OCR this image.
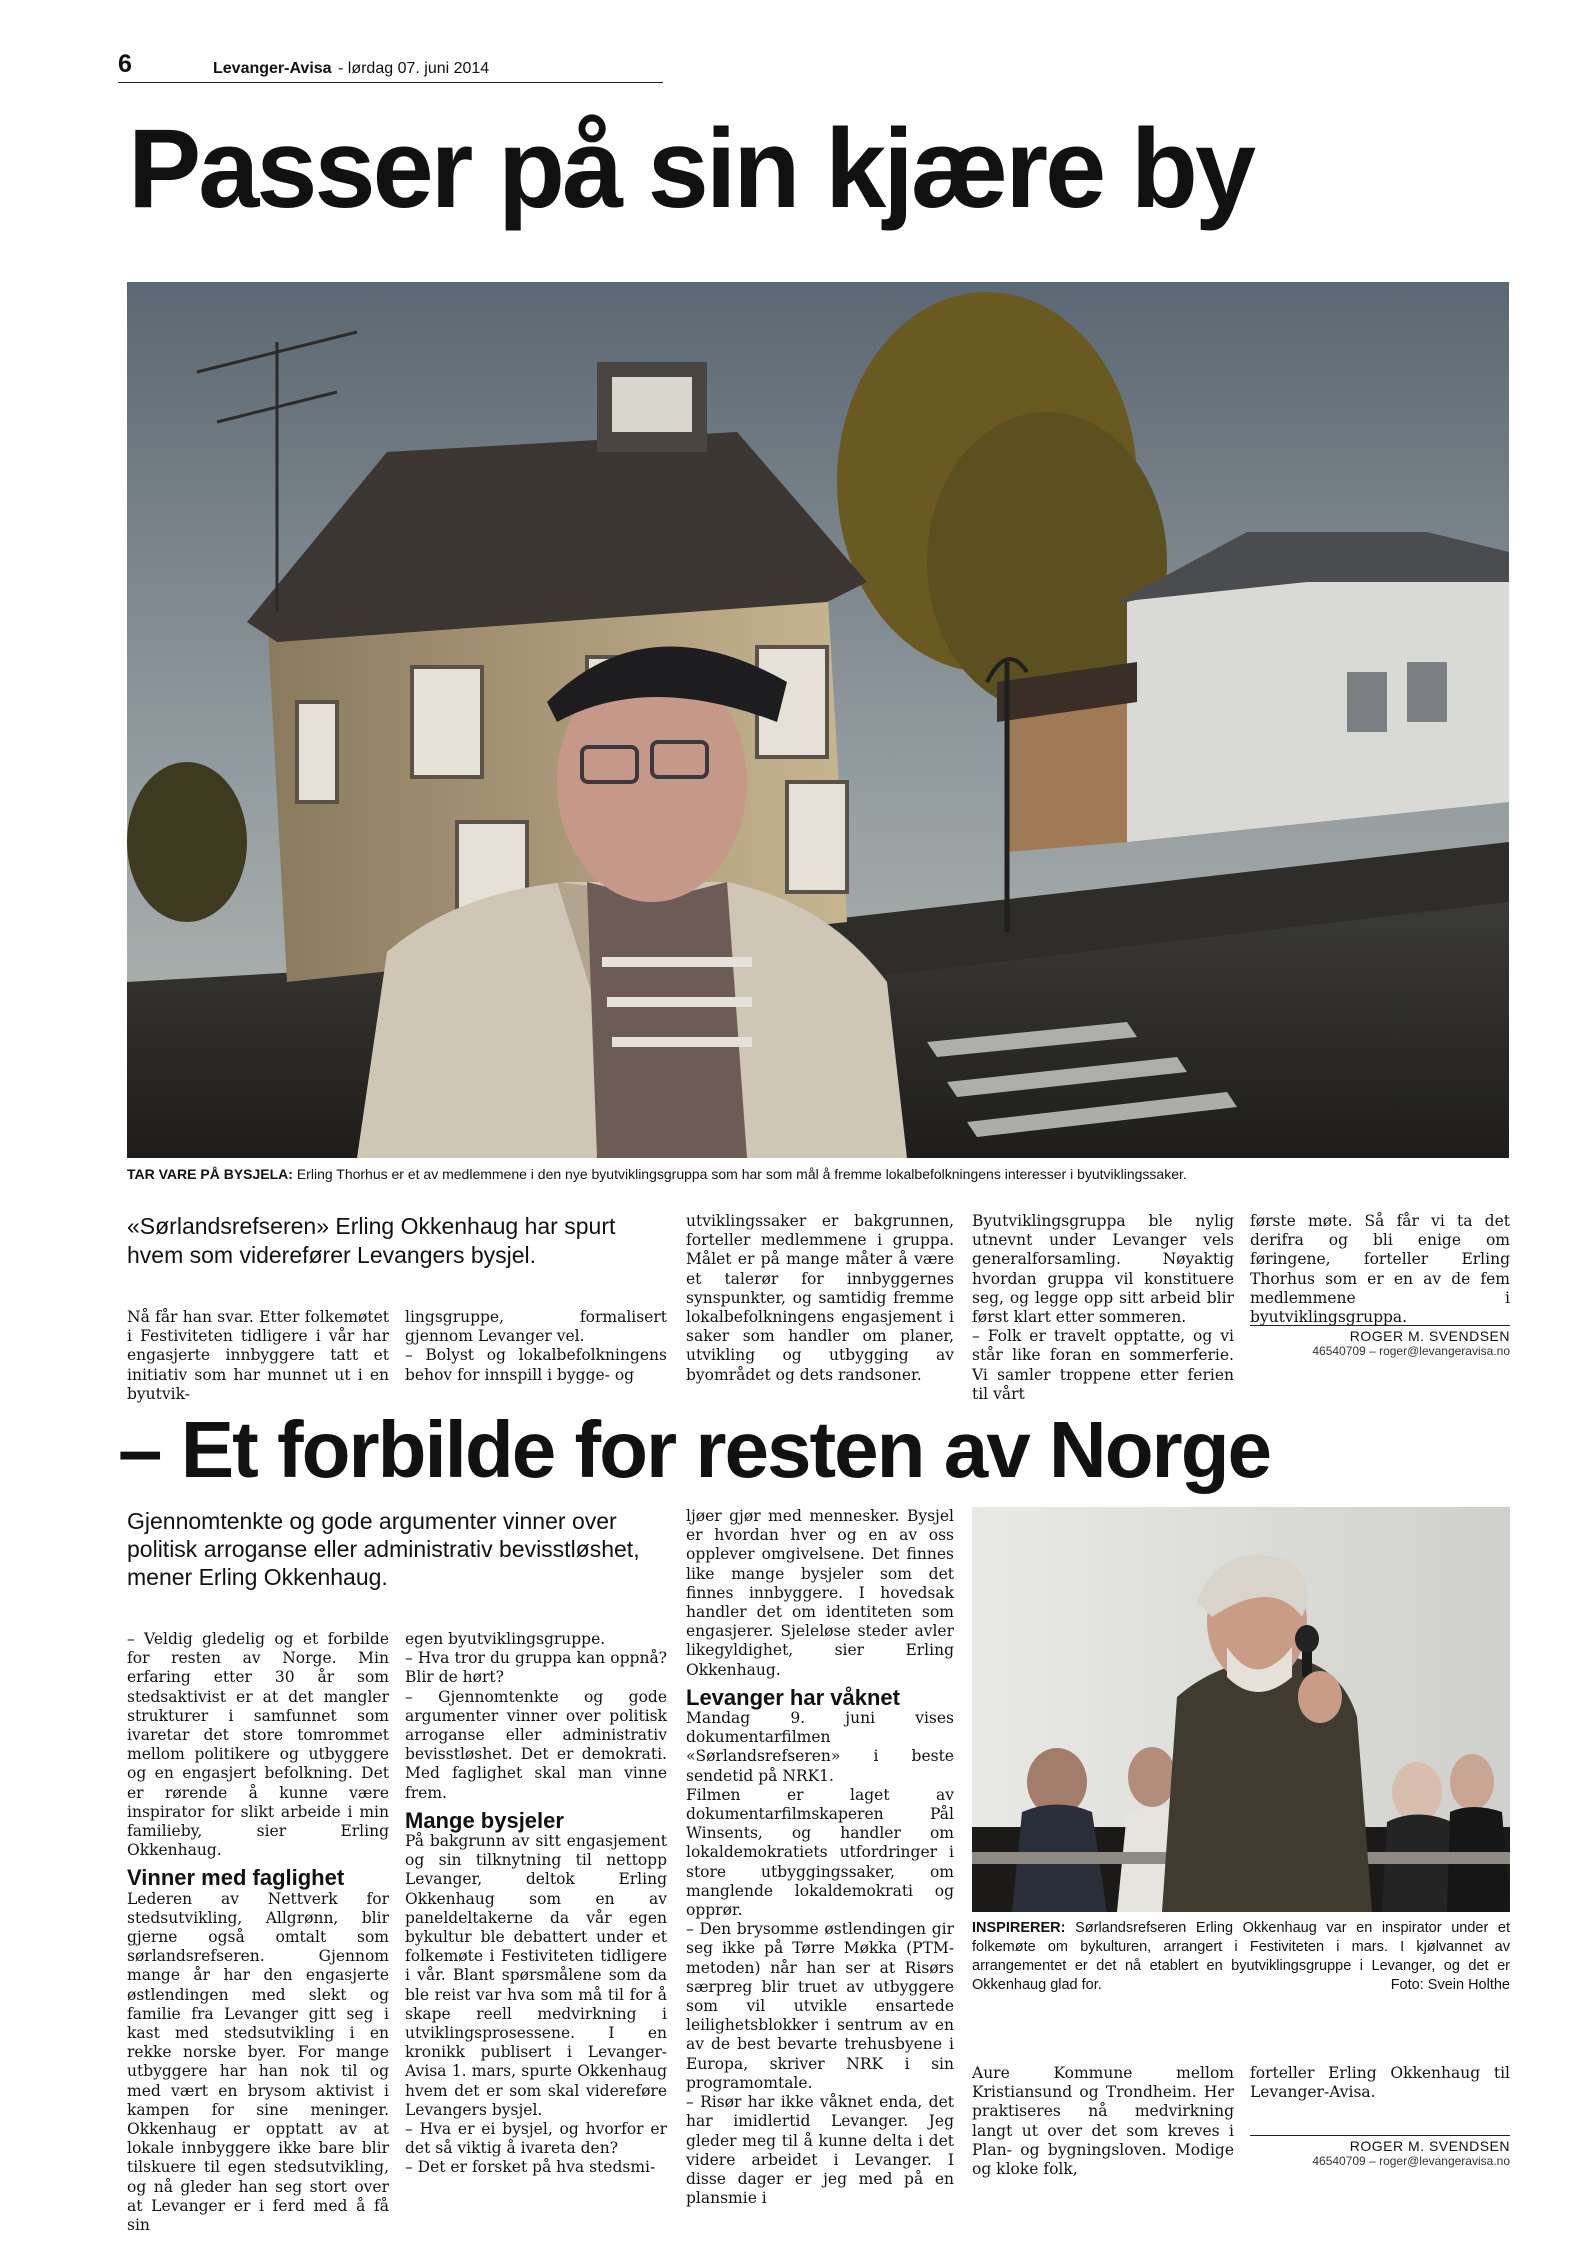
6	Levanger-Avisa - lørdag 07. juni 2014
Passer på sin kjære by
TAR VARE PÅ BYSJELA: Erling Thorhus er et av medlemmene i den nye byutviklingsgruppa som har som mål å fremme lokalbefolkningens interesser i byutviklingssaker.
«Sørlandsrefseren» Erling Okkenhaug har spurt hvem som viderefører Levangers bysjel.

Nå får han svar. Etter folkemøtet i Festiviteten tidligere i vår har engasjerte innbyggere tatt et initiativ som har munnet ut i en byutvik-

lingsgruppe, formalisert gjennom Levanger vel.

– Bolyst og lokalbefolkningens behov for innspill i bygge- og

utviklingssaker er bakgrunnen, forteller medlemmene i gruppa. Målet er på mange måter å være et talerør for innbyggernes synspunkter, og samtidig fremme lokalbefolkningens engasjement i saker som handler om planer, utvikling og utbygging av byområdet og dets randsoner.

Byutviklingsgruppa ble nylig utnevnt under Levanger vels generalforsamling. Nøyaktig hvordan gruppa vil konstituere seg, og legge opp sitt arbeid blir først klart etter sommeren.

– Folk er travelt opptatte, og vi står like foran en sommerferie. Vi samler troppene etter ferien til vårt

første møte. Så får vi ta det derifra og bli enige om føringene, forteller Erling Thorhus som er en av de fem medlemmene i byutviklingsgruppa.

ROGER M. SVENDSEN
46540709 – roger@levangeravisa.no
– Et forbilde for resten av Norge
Gjennomtenkte og gode argumenter vinner over politisk arroganse eller administrativ bevisstløshet, mener Erling Okkenhaug.

– Veldig gledelig og et forbilde for resten av Norge. Min erfaring etter 30 år som stedsaktivist er at det mangler strukturer i samfunnet som ivaretar det store tomrommet mellom politikere og utbyggere og en engasjert befolkning. Det er rørende å kunne være inspirator for slikt arbeide i min familieby, sier Erling Okkenhaug.

Vinner med faglighet

Lederen av Nettverk for stedsutvikling, Allgrønn, blir gjerne også omtalt som sørlandsrefseren. Gjennom mange år har den engasjerte østlendingen med slekt og familie fra Levanger gitt seg i kast med stedsutvikling i en rekke norske byer. For mange utbyggere har han nok til og med vært en brysom aktivist i kampen for sine meninger. Okkenhaug er opptatt av at lokale innbyggere ikke bare blir tilskuere til egen stedsutvikling, og nå gleder han seg stort over at Levanger er i ferd med å få sin

egen byutviklingsgruppe.

– Hva tror du gruppa kan oppnå? Blir de hørt?

– Gjennomtenkte og gode argumenter vinner over politisk arroganse eller administrativ bevisstløshet. Det er demokrati. Med faglighet skal man vinne frem.

Mange bysjeler

På bakgrunn av sitt engasjement og sin tilknytning til nettopp Levanger, deltok Erling Okkenhaug som en av paneldeltakerne da vår egen bykultur ble debattert under et folkemøte i Festiviteten tidligere i vår. Blant spørsmålene som da ble reist var hva som må til for å skape reell medvirkning i utviklingsprosessene. I en kronikk publisert i Levanger-Avisa 1. mars, spurte Okkenhaug hvem det er som skal videreføre Levangers bysjel.

– Hva er ei bysjel, og hvorfor er det så viktig å ivareta den?

– Det er forsket på hva stedsmi-

ljøer gjør med mennesker. Bysjel er hvordan hver og en av oss opplever omgivelsene. Det finnes like mange bysjeler som det finnes innbyggere. I hovedsak handler det om identiteten som engasjerer. Sjeleløse steder avler likegyldighet, sier Erling Okkenhaug.

Levanger har våknet

Mandag 9. juni vises dokumentarfilmen «Sørlandsrefseren» i beste sendetid på NRK1.

Filmen er laget av dokumentarfilmskaperen Pål Winsents, og handler om lokaldemokratiets utfordringer i store utbyggingssaker, om manglende lokaldemokrati og opprør.

– Den brysomme østlendingen gir seg ikke på Tørre Møkka (PTM-metoden) når han ser at Risørs særpreg blir truet av utbyggere som vil utvikle ensartede leilighetsblokker i sentrum av en av de best bevarte trehusbyene i Europa, skriver NRK i sin programomtale.

– Risør har ikke våknet enda, det har imidlertid Levanger. Jeg gleder meg til å kunne delta i det videre arbeidet i Levanger. I disse dager er jeg med på en plansmie i

INSPIRERER: Sørlandsrefseren Erling Okkenhaug var en inspirator under et folkemøte om bykulturen, arrangert i Festiviteten i mars. I kjølvannet av arrangementet er det nå etablert en byutviklingsgruppe i Levanger, og det er Okkenhaug glad for.	Foto: Svein Holthe

Aure Kommune mellom Kristiansund og Trondheim. Her praktiseres nå medvirkning langt ut over det som kreves i Plan- og bygningsloven. Modige og kloke folk,

forteller Erling Okkenhaug til Levanger-Avisa.

ROGER M. SVENDSEN
46540709 – roger@levangeravisa.no
